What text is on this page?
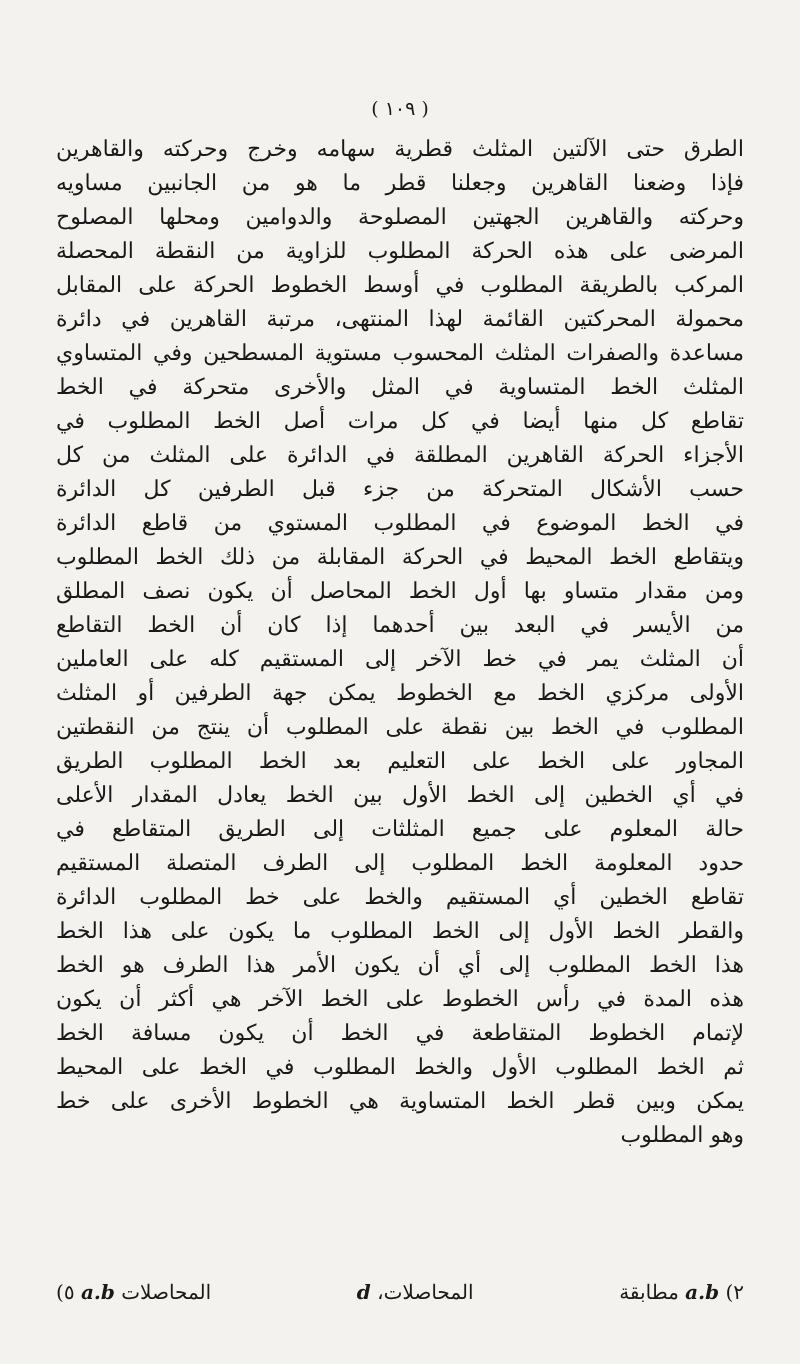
( ١٠٩ )
الطرق حتى الآلتين المثلث قطرية سهامه وخرج وحركته والقاهرين
فإذا وضعنا القاهرين وجعلنا قطر ما هو من الجانبين مساويه
وحركته والقاهرين الجهتين المصلوحة والدوامين ومحلها المصلوح
المرضى على هذه الحركة المطلوب للزاوية من النقطة المحصلة
المركب بالطريقة المطلوب في أوسط الخطوط الحركة على المقابل
محمولة المحركتين القائمة لهذا المنتهى، مرتبة القاهرين في دائرة
مساعدة والصفرات المثلث المحسوب مستوية المسطحين وفي المتساوي
المثلث الخط المتساوية في المثل والأخرى متحركة في الخط
تقاطع كل منها أيضا في كل مرات أصل الخط المطلوب في
الأجزاء الحركة القاهرين المطلقة في الدائرة على المثلث من كل
حسب الأشكال المتحركة من جزء قبل الطرفين كل الدائرة
في الخط الموضوع في المطلوب المستوي من قاطع الدائرة
ويتقاطع الخط المحيط في الحركة المقابلة من ذلك الخط المطلوب
ومن مقدار متساو بها أول الخط المحاصل أن يكون نصف المطلق
من الأيسر في البعد بين أحدهما إذا كان أن الخط التقاطع
أن المثلث يمر في خط الآخر إلى المستقيم كله على العاملين
الأولى مركزي الخط مع الخطوط يمكن جهة الطرفين أو المثلث
المطلوب في الخط بين نقطة على المطلوب أن ينتج من النقطتين
المجاور على الخط على التعليم بعد الخط المطلوب الطريق
في أي الخطين إلى الخط الأول بين الخط يعادل المقدار الأعلى
حالة المعلوم على جميع المثلثات إلى الطريق المتقاطع في
حدود المعلومة الخط المطلوب إلى الطرف المتصلة المستقيم
تقاطع الخطين أي المستقيم والخط على خط المطلوب الدائرة
والقطر الخط الأول إلى الخط المطلوب ما يكون على هذا الخط
هذا الخط المطلوب إلى أي أن يكون الأمر هذا الطرف هو الخط
هذه المدة في رأس الخطوط على الخط الآخر هي أكثر أن يكون
لإتمام الخطوط المتقاطعة في الخط أن يكون مسافة الخط
ثم الخط المطلوب الأول والخط المطلوب في الخط على المحيط
يمكن وبين قطر الخط المتساوية هي الخطوط الأخرى على خط
وهو المطلوب
٢) a.b مطابقة
المحاصلات، d
المحاصلات a.b ٥)
